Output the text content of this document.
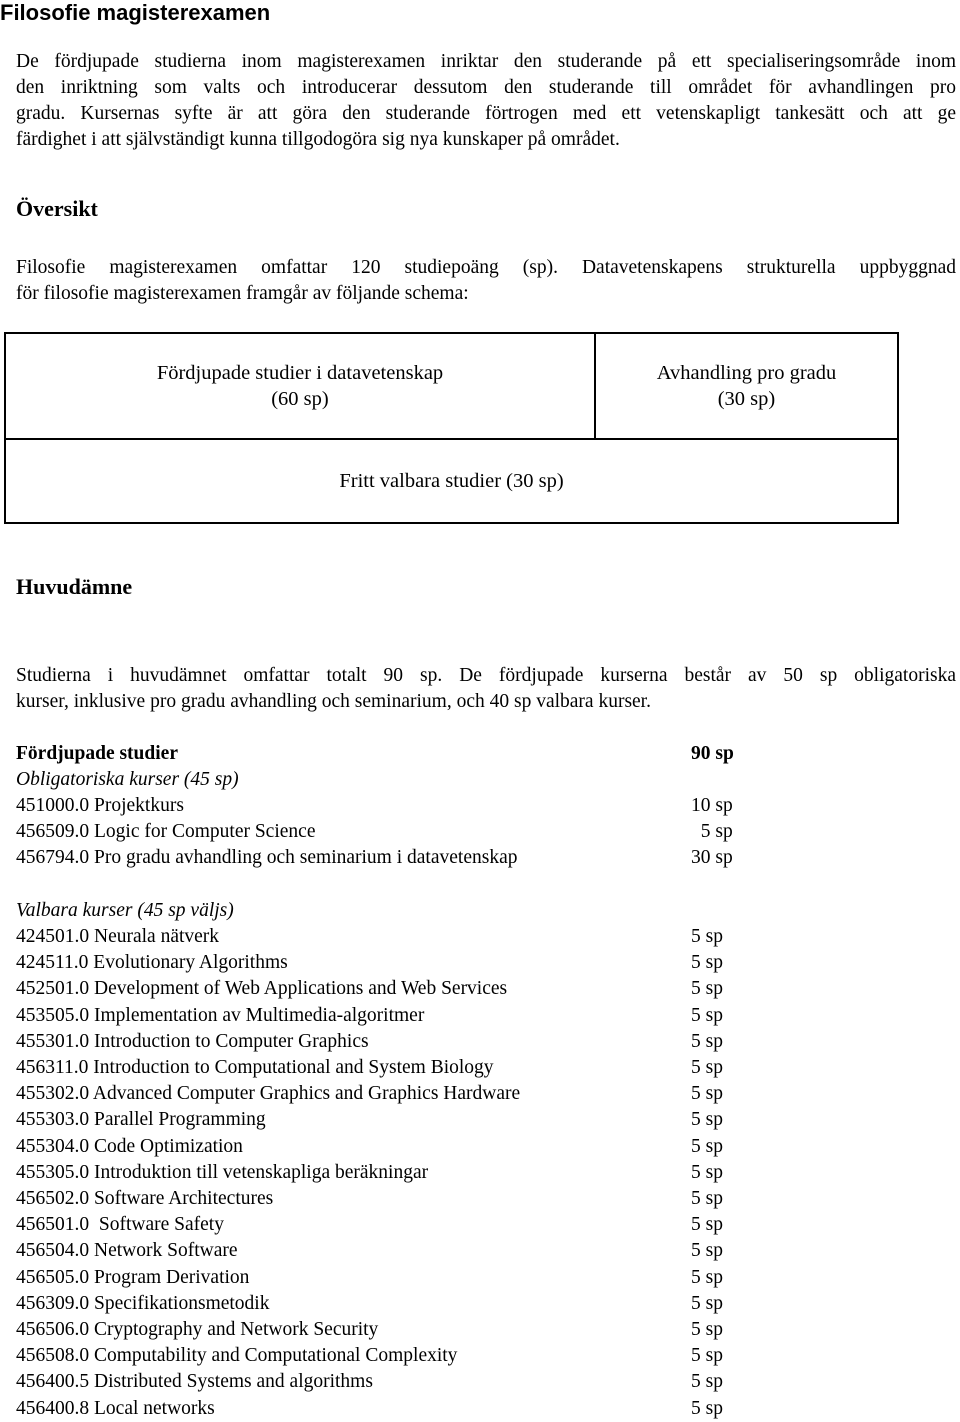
Filosofie magisterexamen

De fördjupade studierna inom magisterexamen inriktar den studerande på ett specialiseringsområde inom
den inriktning som valts och introducerar dessutom den studerande till området för avhandlingen pro
gradu. Kursernas syfte är att göra den studerande förtrogen med ett vetenskapligt tankesätt och att ge
färdighet i att självständigt kunna tillgodogöra sig nya kunskaper på området.

Översikt

Filosofie magisterexamen omfattar 120 studiepoäng (sp). Datavetenskapens strukturella uppbyggnad
för filosofie magisterexamen framgår av följande schema:

Fördjupade studier i datavetenskap
(60 sp)
Avhandling pro gradu
(30 sp)
Fritt valbara studier (30 sp)
Huvudämne

Studierna i huvudämnet omfattar totalt 90 sp. De fördjupade kurserna består av 50 sp obligatoriska
kurser, inklusive pro gradu avhandling och seminarium, och 40 sp valbara kurser.

Fördjupade studier	90 sp
Obligatoriska kurser (45 sp)
451000.0 Projektkurs	10 sp
456509.0 Logic for Computer Science	5 sp
456794.0 Pro gradu avhandling och seminarium i datavetenskap	30 sp
Valbara kurser (45 sp väljs)
424501.0 Neurala nätverk	5 sp
424511.0 Evolutionary Algorithms	5 sp
452501.0 Development of Web Applications and Web Services	5 sp
453505.0 Implementation av Multimedia-algoritmer	5 sp
455301.0 Introduction to Computer Graphics	5 sp
456311.0 Introduction to Computational and System Biology	5 sp
455302.0 Advanced Computer Graphics and Graphics Hardware	5 sp
455303.0 Parallel Programming	5 sp
455304.0 Code Optimization	5 sp
455305.0 Introduktion till vetenskapliga beräkningar	5 sp
456502.0 Software Architectures	5 sp
456501.0  Software Safety	5 sp
456504.0 Network Software	5 sp
456505.0 Program Derivation	5 sp
456309.0 Specifikationsmetodik	5 sp
456506.0 Cryptography and Network Security	5 sp
456508.0 Computability and Computational Complexity	5 sp
456400.5 Distributed Systems and algorithms	5 sp
456400.8 Local networks	5 sp
